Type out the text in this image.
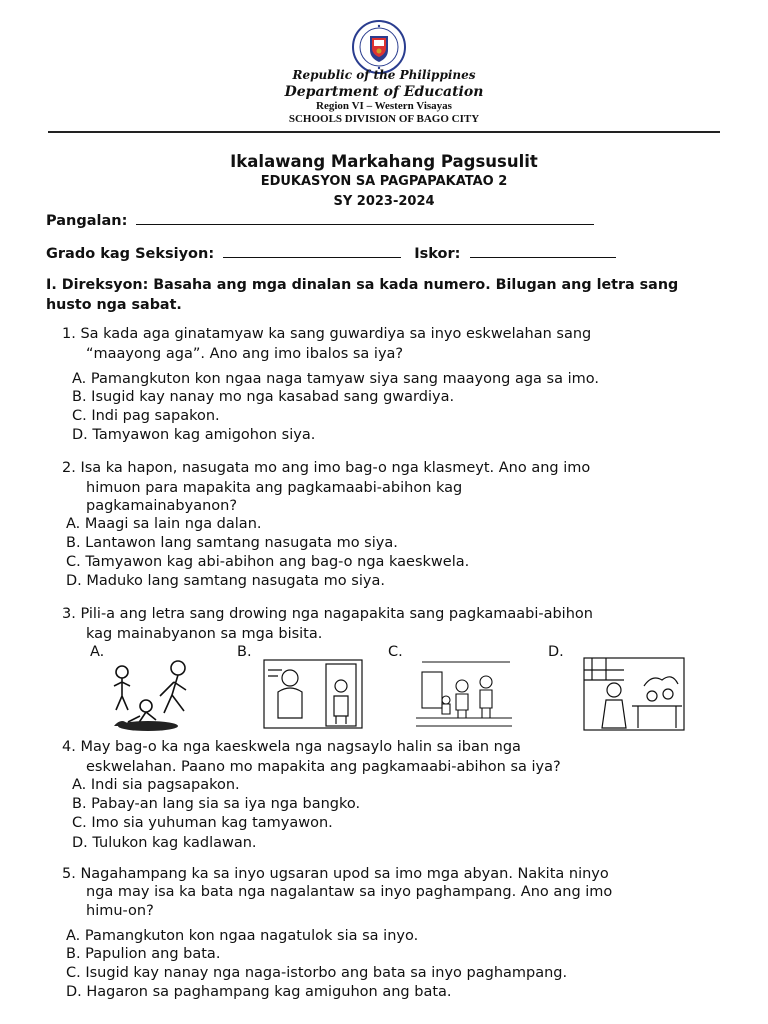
Republic of the Philippines
Department of Education
Region VI – Western Visayas
SCHOOLS DIVISION OF BAGO CITY
Ikalawang Markahang Pagsusulit
EDUKASYON SA PAGPAPAKATAO 2
SY 2023-2024
Pangalan:
Grado kag Seksiyon:	Iskor:
I. Direksyon: Basaha ang mga dinalan sa kada numero. Bilugan ang letra sang
husto nga sabat.
1. Sa kada aga ginatamyaw ka sang guwardiya sa inyo eskwelahan sang
“maayong aga”. Ano ang imo ibalos sa iya?
A. Pamangkuton kon ngaa naga tamyaw siya sang maayong aga sa imo.
B. Isugid kay nanay mo nga kasabad sang gwardiya.
C. Indi pag sapakon.
D. Tamyawon kag amigohon siya.
2. Isa ka hapon, nasugata mo ang imo bag-o nga klasmeyt. Ano ang imo
himuon para mapakita ang pagkamaabi-abihon kag
pagkamainabyanon?
A. Maagi sa lain nga dalan.
B. Lantawon lang samtang nasugata mo siya.
C. Tamyawon kag abi-abihon ang bag-o nga kaeskwela.
D. Maduko lang samtang nasugata mo siya.
3. Pili-a ang letra sang drowing nga nagapakita sang pagkamaabi-abihon
kag mainabyanon sa mga bisita.
A.	B.	C.	D.
4. May bag-o ka nga kaeskwela nga nagsaylo halin sa iban nga
eskwelahan. Paano mo mapakita ang pagkamaabi-abihon sa iya?
A. Indi sia pagsapakon.
B. Pabay-an lang sia sa iya nga bangko.
C. Imo sia yuhuman kag tamyawon.
D. Tulukon kag kadlawan.
5. Nagahampang ka sa inyo ugsaran upod sa imo mga abyan. Nakita ninyo
nga may isa ka bata nga nagalantaw sa inyo paghampang. Ano ang imo
himu-on?
A. Pamangkuton kon ngaa nagatulok sia sa inyo.
B. Papulion ang bata.
C. Isugid kay nanay nga naga-istorbo ang bata sa inyo paghampang.
D. Hagaron sa paghampang kag amiguhon ang bata.
